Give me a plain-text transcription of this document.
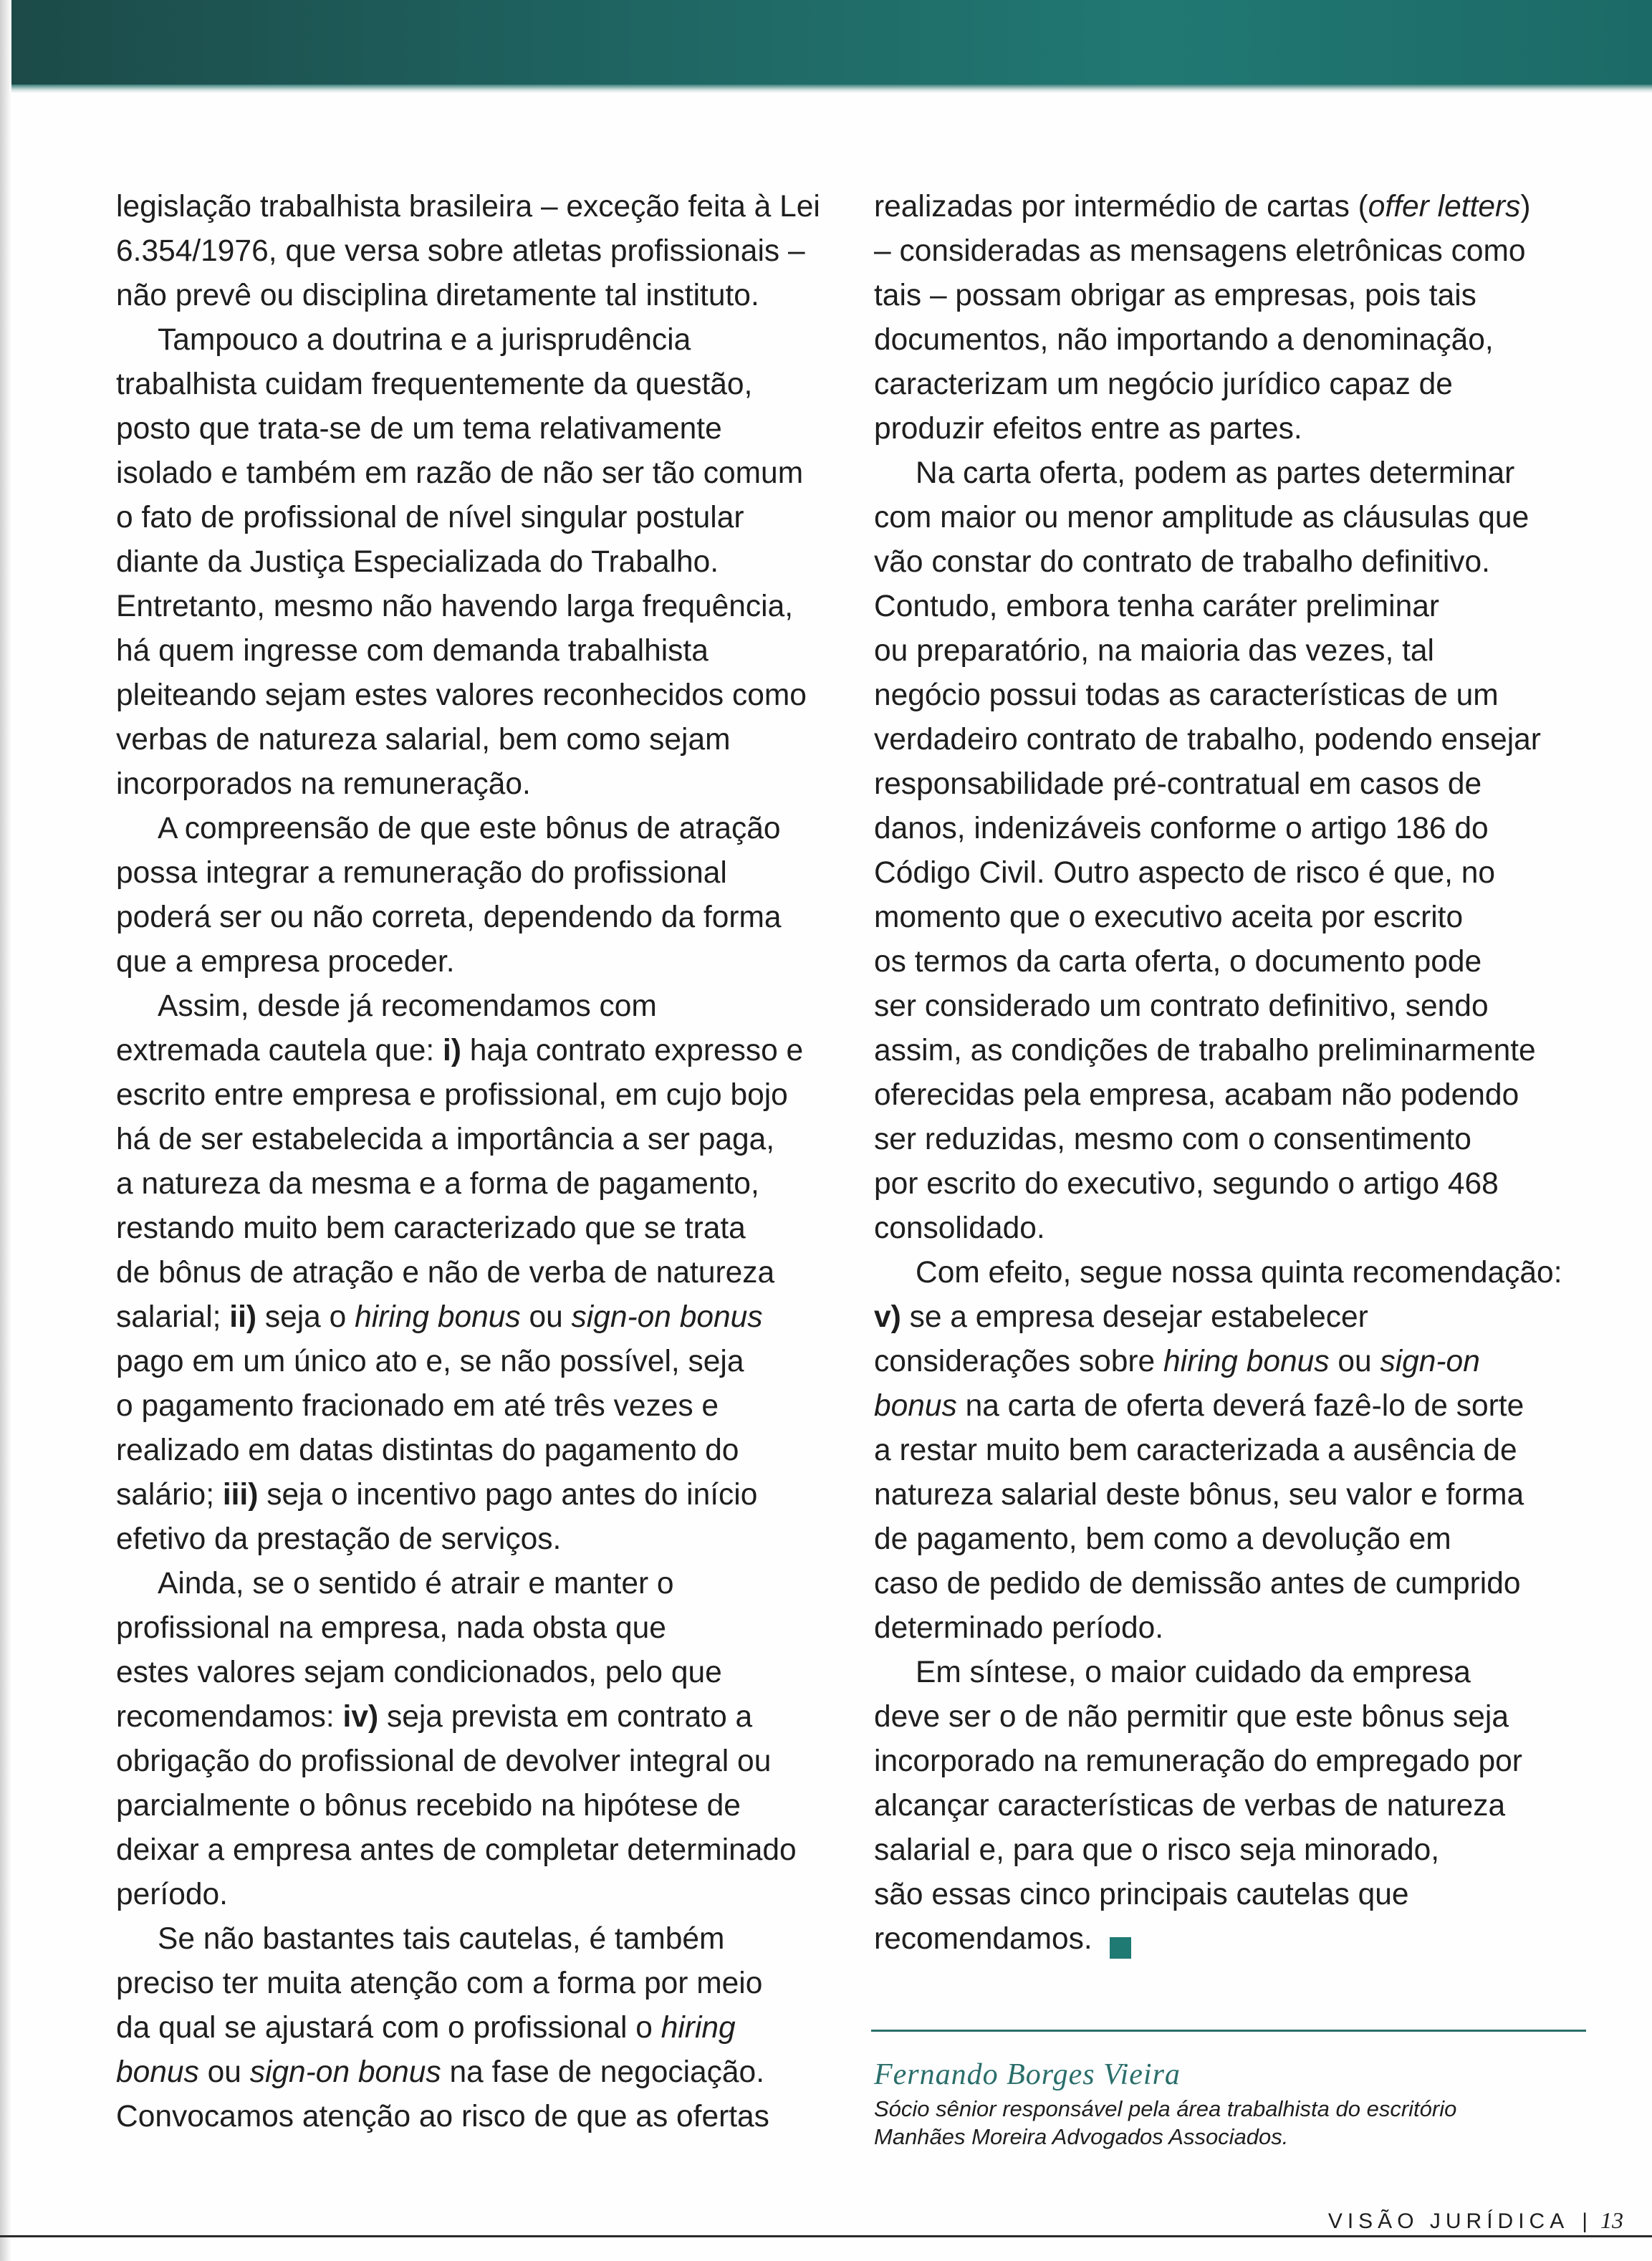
legislação trabalhista brasileira – exceção feita à Lei
6.354/1976, que versa sobre atletas profissionais –
não prevê ou disciplina diretamente tal instituto.

Tampouco a doutrina e a jurisprudência
trabalhista cuidam frequentemente da questão,
posto que trata-se de um tema relativamente
isolado e também em razão de não ser tão comum
o fato de profissional de nível singular postular
diante da Justiça Especializada do Trabalho.
Entretanto, mesmo não havendo larga frequência,
há quem ingresse com demanda trabalhista
pleiteando sejam estes valores reconhecidos como
verbas de natureza salarial, bem como sejam
incorporados na remuneração.

A compreensão de que este bônus de atração
possa integrar a remuneração do profissional
poderá ser ou não correta, dependendo da forma
que a empresa proceder.

Assim, desde já recomendamos com
extremada cautela que: i) haja contrato expresso e
escrito entre empresa e profissional, em cujo bojo
há de ser estabelecida a importância a ser paga,
a natureza da mesma e a forma de pagamento,
restando muito bem caracterizado que se trata
de bônus de atração e não de verba de natureza
salarial; ii) seja o hiring bonus ou sign-on bonus
pago em um único ato e, se não possível, seja
o pagamento fracionado em até três vezes e
realizado em datas distintas do pagamento do
salário; iii) seja o incentivo pago antes do início
efetivo da prestação de serviços.

Ainda, se o sentido é atrair e manter o
profissional na empresa, nada obsta que
estes valores sejam condicionados, pelo que
recomendamos: iv) seja prevista em contrato a
obrigação do profissional de devolver integral ou
parcialmente o bônus recebido na hipótese de
deixar a empresa antes de completar determinado
período.

Se não bastantes tais cautelas, é também
preciso ter muita atenção com a forma por meio
da qual se ajustará com o profissional o hiring
bonus ou sign-on bonus na fase de negociação.
Convocamos atenção ao risco de que as ofertas

realizadas por intermédio de cartas (offer letters)
– consideradas as mensagens eletrônicas como
tais – possam obrigar as empresas, pois tais
documentos, não importando a denominação,
caracterizam um negócio jurídico capaz de
produzir efeitos entre as partes.

Na carta oferta, podem as partes determinar
com maior ou menor amplitude as cláusulas que
vão constar do contrato de trabalho definitivo.
Contudo, embora tenha caráter preliminar
ou preparatório, na maioria das vezes, tal
negócio possui todas as características de um
verdadeiro contrato de trabalho, podendo ensejar
responsabilidade pré-contratual em casos de
danos, indenizáveis conforme o artigo 186 do
Código Civil. Outro aspecto de risco é que, no
momento que o executivo aceita por escrito
os termos da carta oferta, o documento pode
ser considerado um contrato definitivo, sendo
assim, as condições de trabalho preliminarmente
oferecidas pela empresa, acabam não podendo
ser reduzidas, mesmo com o consentimento
por escrito do executivo, segundo o artigo 468
consolidado.

Com efeito, segue nossa quinta recomendação:
v) se a empresa desejar estabelecer
considerações sobre hiring bonus ou sign-on
bonus na carta de oferta deverá fazê-lo de sorte
a restar muito bem caracterizada a ausência de
natureza salarial deste bônus, seu valor e forma
de pagamento, bem como a devolução em
caso de pedido de demissão antes de cumprido
determinado período.

Em síntese, o maior cuidado da empresa
deve ser o de não permitir que este bônus seja
incorporado na remuneração do empregado por
alcançar características de verbas de natureza
salarial e, para que o risco seja minorado,
são essas cinco principais cautelas que
recomendamos.

Fernando Borges Vieira
Sócio sênior responsável pela área trabalhista do escritório
Manhães Moreira Advogados Associados.
VISÃO JURÍDICA | 13
